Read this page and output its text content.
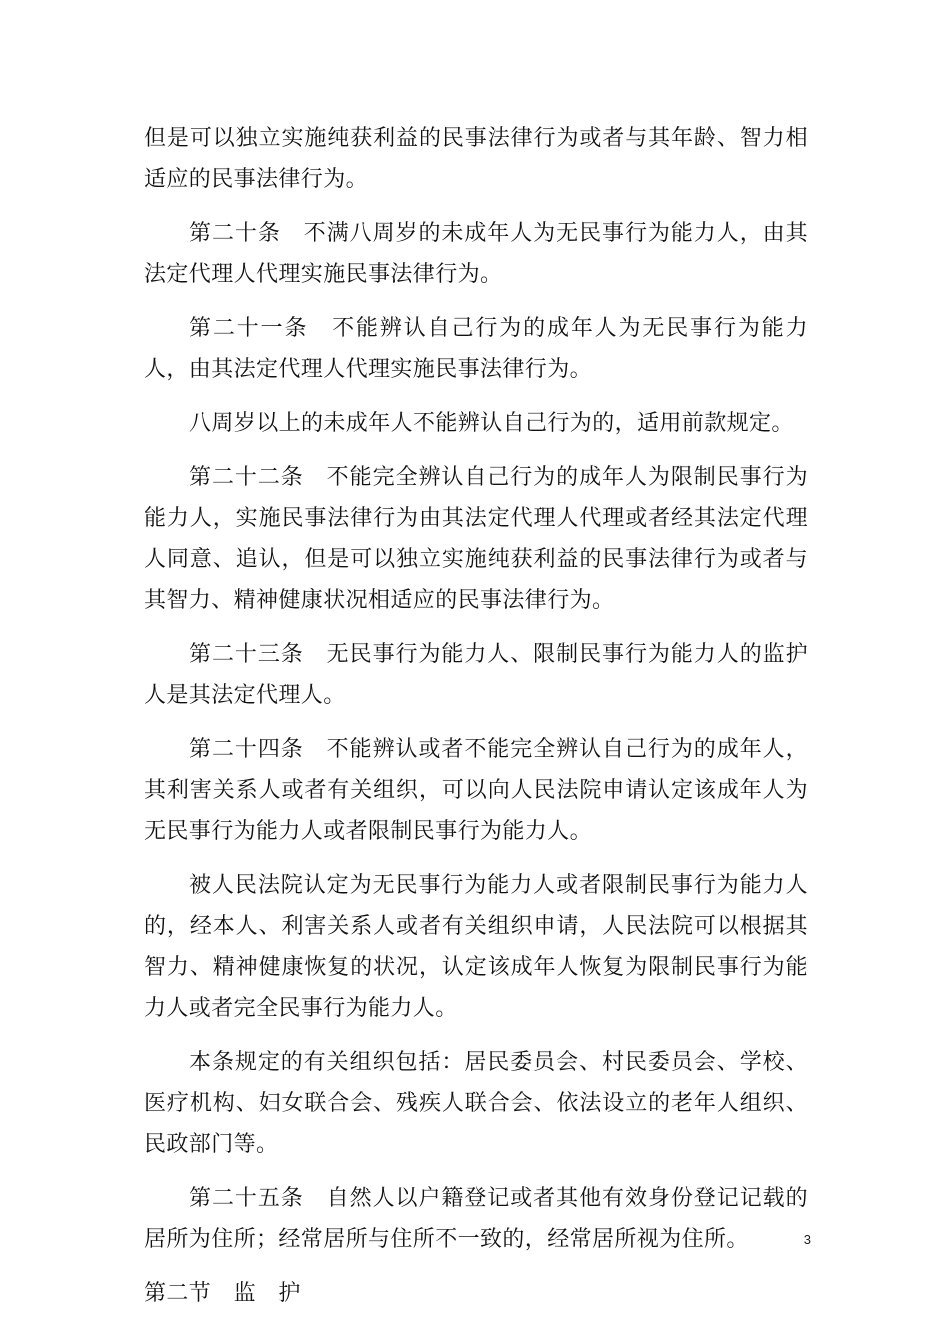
但是可以独立实施纯获利益的民事法律行为或者与其年龄、智力相适应的民事法律行为。

第二十条　不满八周岁的未成年人为无民事行为能力人，由其法定代理人代理实施民事法律行为。

第二十一条　不能辨认自己行为的成年人为无民事行为能力人，由其法定代理人代理实施民事法律行为。

八周岁以上的未成年人不能辨认自己行为的，适用前款规定。

第二十二条　不能完全辨认自己行为的成年人为限制民事行为能力人，实施民事法律行为由其法定代理人代理或者经其法定代理人同意、追认，但是可以独立实施纯获利益的民事法律行为或者与其智力、精神健康状况相适应的民事法律行为。

第二十三条　无民事行为能力人、限制民事行为能力人的监护人是其法定代理人。

第二十四条　不能辨认或者不能完全辨认自己行为的成年人，其利害关系人或者有关组织，可以向人民法院申请认定该成年人为无民事行为能力人或者限制民事行为能力人。

被人民法院认定为无民事行为能力人或者限制民事行为能力人的，经本人、利害关系人或者有关组织申请，人民法院可以根据其智力、精神健康恢复的状况，认定该成年人恢复为限制民事行为能力人或者完全民事行为能力人。

本条规定的有关组织包括：居民委员会、村民委员会、学校、医疗机构、妇女联合会、残疾人联合会、依法设立的老年人组织、民政部门等。

第二十五条　自然人以户籍登记或者其他有效身份登记记载的居所为住所；经常居所与住所不一致的，经常居所视为住所。

第二节　监　护

3
